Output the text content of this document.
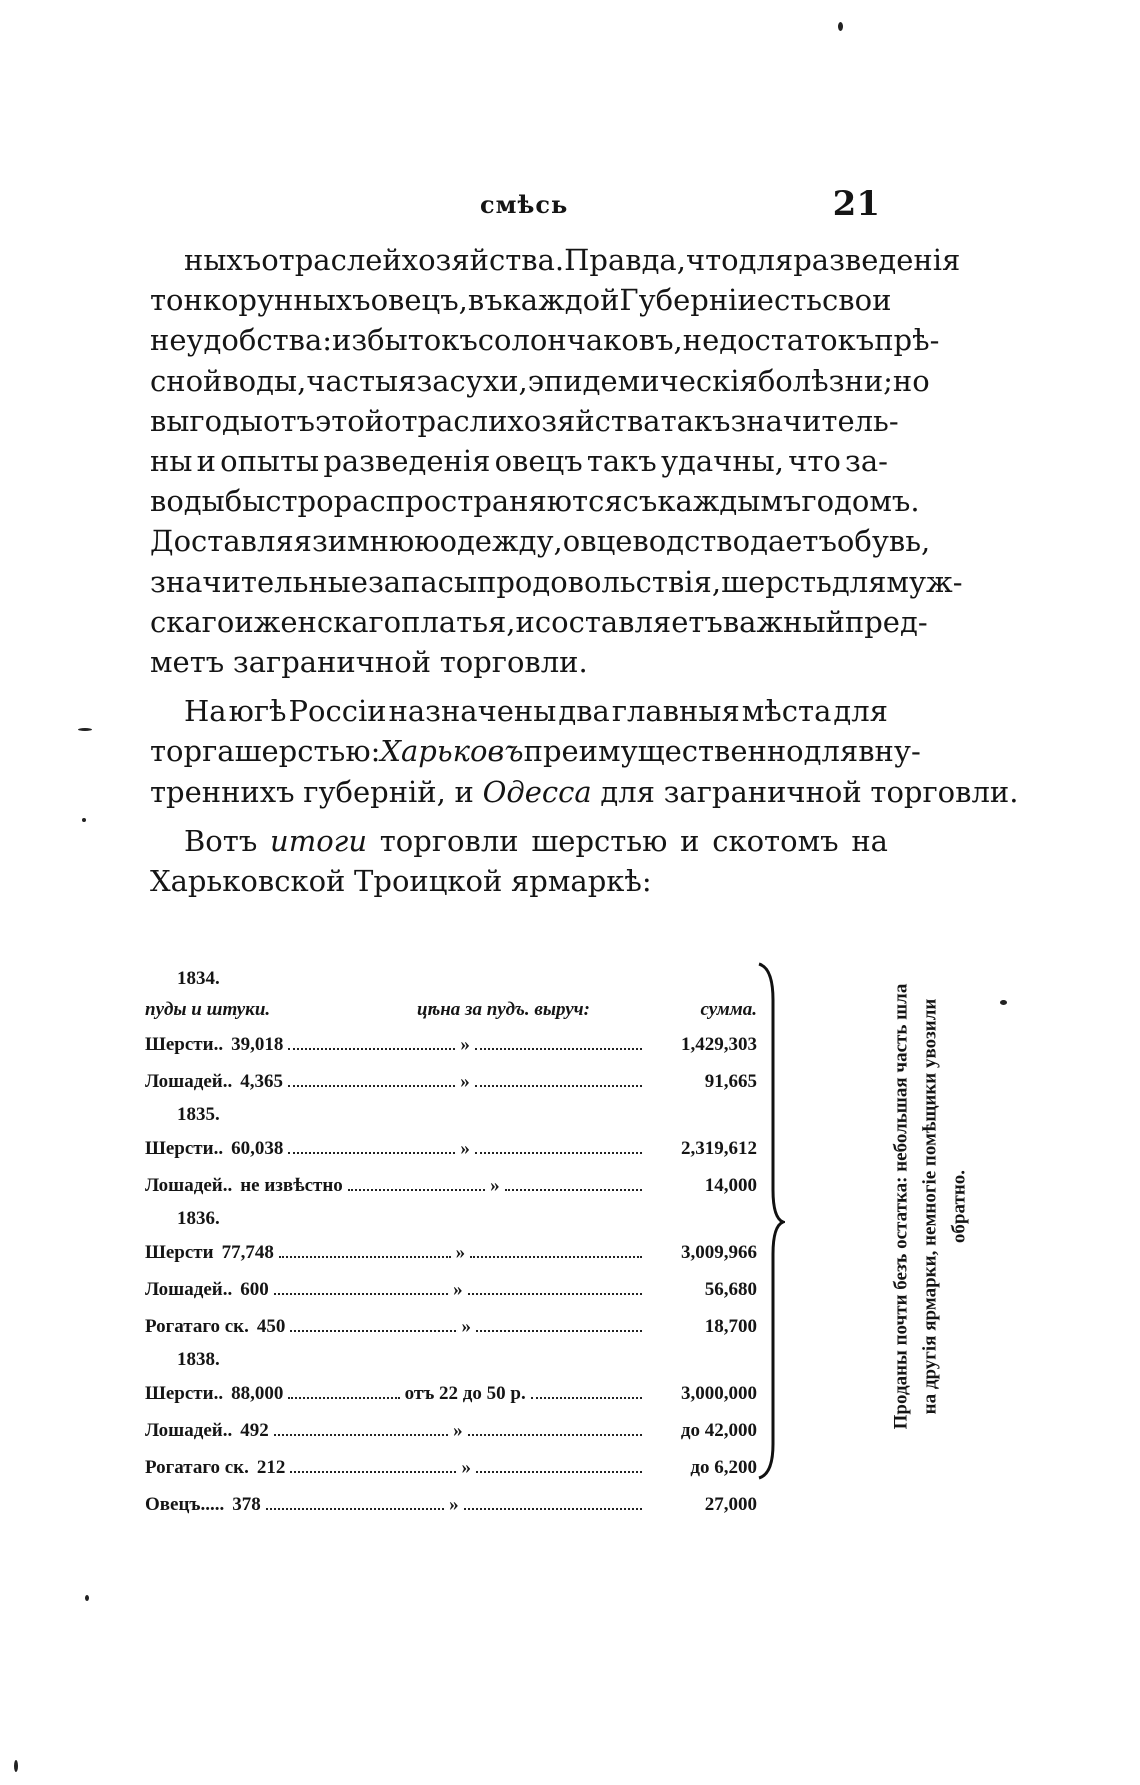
смѣсь	21
ныхъ отраслей хозяйства. Правда, что для разведенія
тонкорунныхъ овецъ, въ каждой Губерніи есть свои
неудобства: избытокъ солончаковъ, недостатокъ прѣ-
сной воды, частыя засухи, эпидемическія болѣзни; но
выгоды отъ этой отрасли хозяйства такъ значитель-
ны и опыты разведенія овецъ такъ удачны, что за-
воды быстро распространяются съ каждымъ годомъ.
Доставляя зимнюю одежду, овцеводство даетъ обувь,
значительные запасы продовольствія, шерсть для муж-
скаго и женскаго платья, и составляетъ важный пред-
метъ заграничной торговли.
На югѣ Россіи назначены два главныя мѣста для
торга шерстью: Харьковъ преимущественно для вну-
треннихъ губерній, и Одесса для заграничной торговли.
Вотъ итоги торговли шерстью и скотомъ на
Харьковской Троицкой ярмаркѣ:
1834.
пуды и штуки.	цѣна за пудъ. выруч:	сумма.
Шерсти.. 39,018	»	1,429,303
Лошадей.. 4,365	»	91,665
1835.
Шерсти.. 60,038	»	2,319,612
Лошадей.. не извѣстно	»	14,000
1836.
Шерсти 77,748	»	3,009,966
Лошадей.. 600	»	56,680
Рогатаго ск. 450	»	18,700
1838.
Шерсти.. 88,000	отъ 22 до 50 р.	3,000,000
Лошадей.. 492	»	до 42,000
Рогатаго ск. 212	»	до 6,200
Овецъ..... 378	»	27,000
Проданы почти безъ остатка: небольшая часть шла на другія ярмарки, немногіе помѣщики увозили обратно.
